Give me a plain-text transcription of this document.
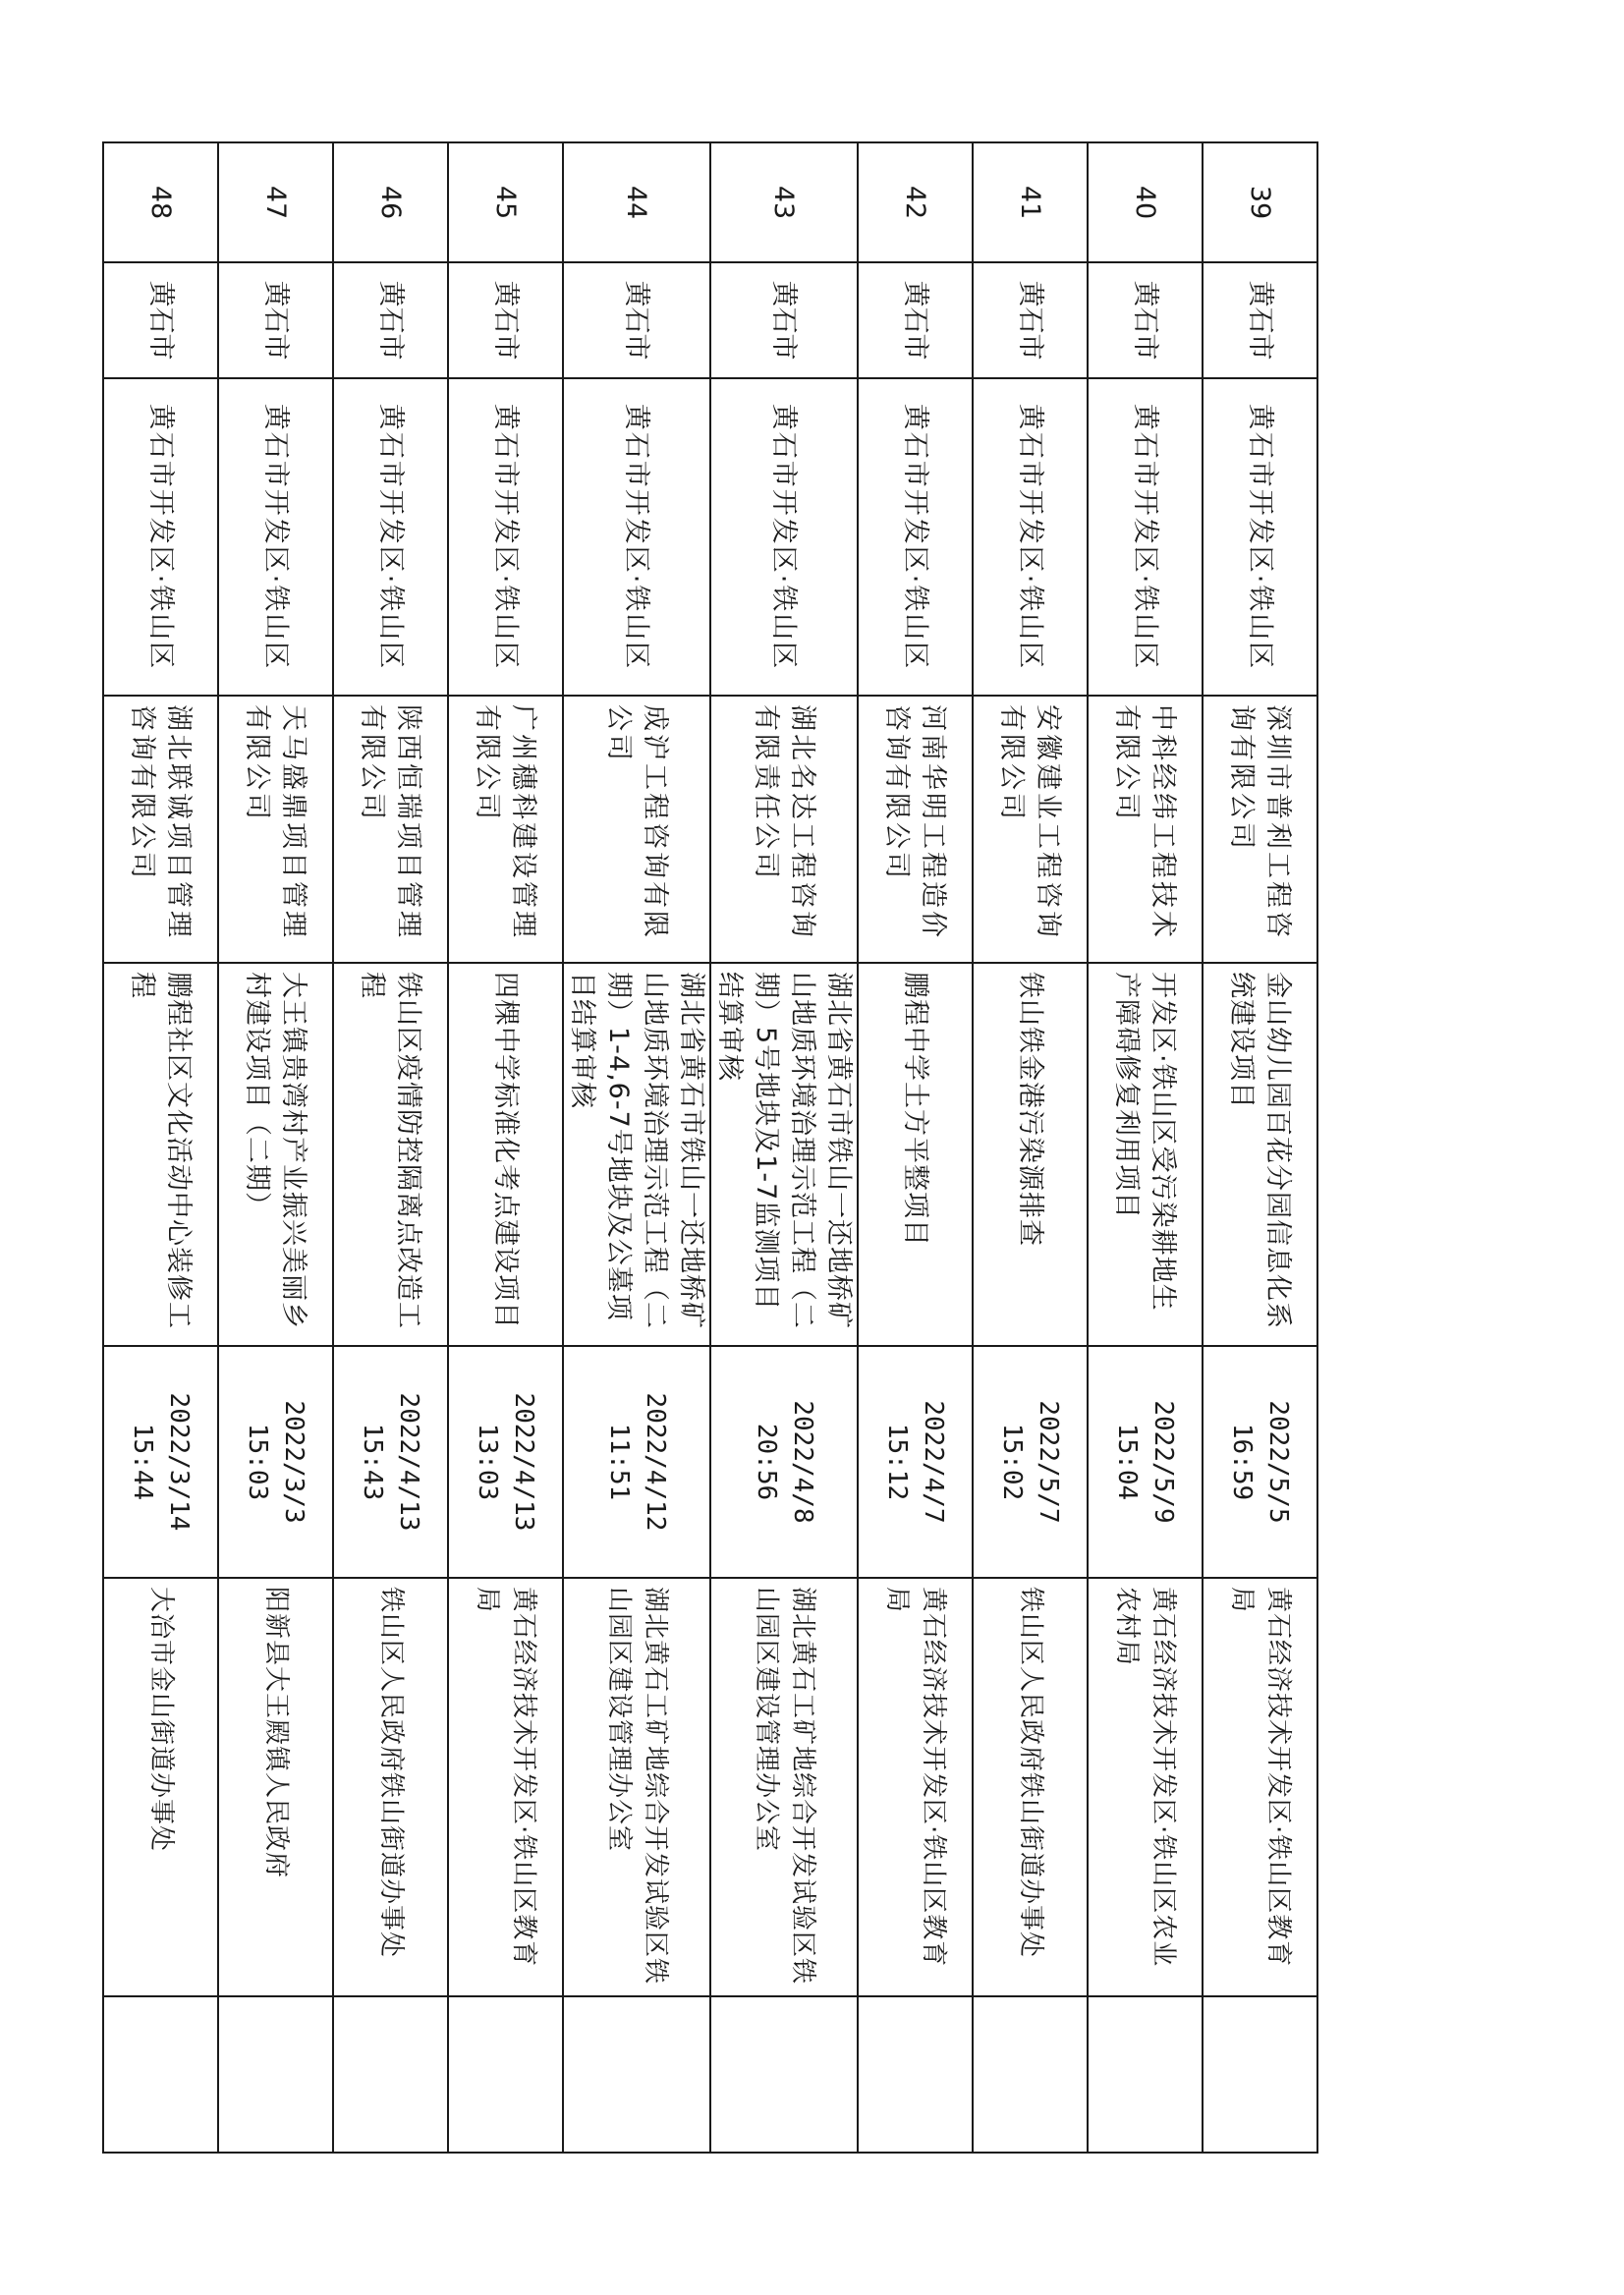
39	黄石市	黄石市开发区·铁山区	深圳市普利工程咨询有限公司	金山幼儿园百花分园信息化系统建设项目	2022/5/5 16:59	黄石经济技术开发区·铁山区教育局	
40	黄石市	黄石市开发区·铁山区	中科经纬工程技术有限公司	开发区·铁山区受污染耕地生产障碍修复利用项目	2022/5/9 15:04	黄石经济技术开发区·铁山区农业农村局	
41	黄石市	黄石市开发区·铁山区	安徽建业工程咨询有限公司	铁山铁金港污染源排查	2022/5/7 15:02	铁山区人民政府铁山街道办事处	
42	黄石市	黄石市开发区·铁山区	河南华明工程造价咨询有限公司	鹏程中学土方平整项目	2022/4/7 15:12	黄石经济技术开发区·铁山区教育局	
43	黄石市	黄石市开发区·铁山区	湖北名达工程咨询有限责任公司	湖北省黄石市铁山一还地桥矿山地质环境治理示范工程（二期）5号地块及1-7监测项目结算审核	2022/4/8 20:56	湖北黄石工矿地综合开发试验区铁山园区建设管理办公室	
44	黄石市	黄石市开发区·铁山区	成沪工程咨询有限公司	湖北省黄石市铁山一还地桥矿山地质环境治理示范工程（二期）1-4,6-7号地块及公墓项目结算审核	2022/4/12 11:51	湖北黄石工矿地综合开发试验区铁山园区建设管理办公室	
45	黄石市	黄石市开发区·铁山区	广州穗科建设管理有限公司	四棵中学标准化考点建设项目	2022/4/13 13:03	黄石经济技术开发区·铁山区教育局	
46	黄石市	黄石市开发区·铁山区	陕西恒瑞项目管理有限公司	铁山区疫情防控隔离点改造工程	2022/4/13 15:43	铁山区人民政府铁山街道办事处	
47	黄石市	黄石市开发区·铁山区	天马盛鼎项目管理有限公司	大王镇贵湾村产业振兴美丽乡村建设项目（二期）	2022/3/3 15:03	阳新县大王殿镇人民政府	
48	黄石市	黄石市开发区·铁山区	湖北联诚项目管理咨询有限公司	鹏程社区文化活动中心装修工程	2022/3/14 15:44	大冶市金山街道办事处	
